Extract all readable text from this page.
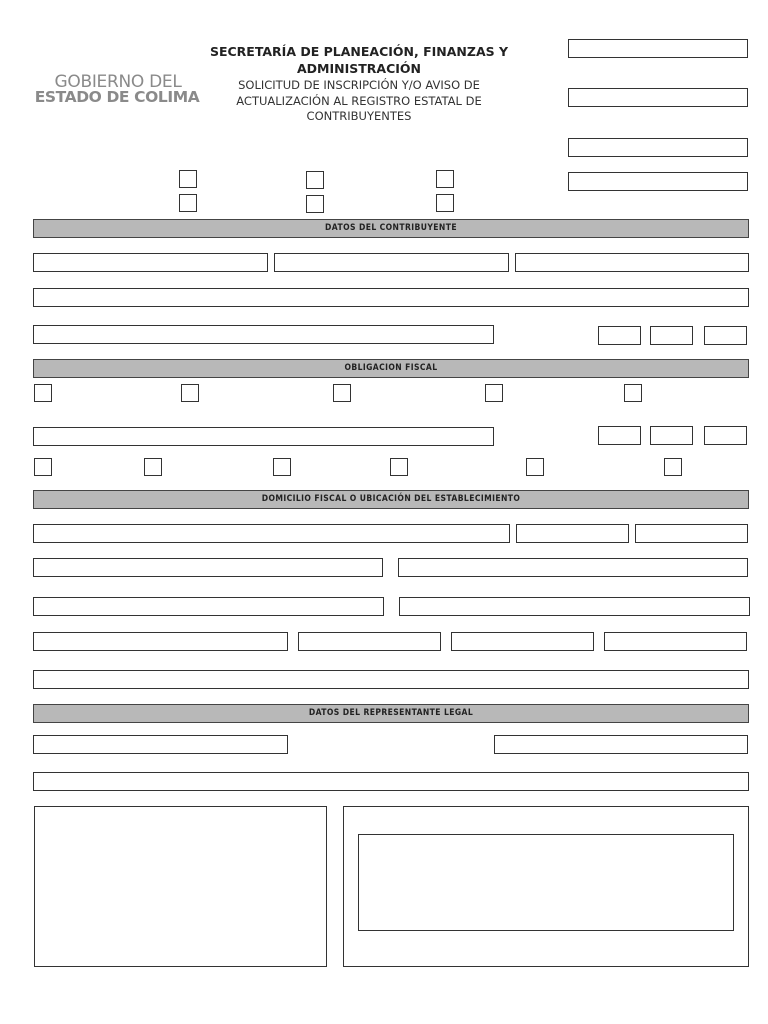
GOBIERNO DEL
ESTADO DE COLIMA
SECRETARÍA DE PLANEACIÓN, FINANZAS Y ADMINISTRACIÓN
SOLICITUD DE INSCRIPCIÓN Y/O AVISO DE ACTUALIZACIÓN AL REGISTRO ESTATAL DE CONTRIBUYENTES
DATOS DEL CONTRIBUYENTE
OBLIGACION FISCAL
DOMICILIO FISCAL O UBICACIÓN DEL ESTABLECIMIENTO
DATOS DEL REPRESENTANTE LEGAL
